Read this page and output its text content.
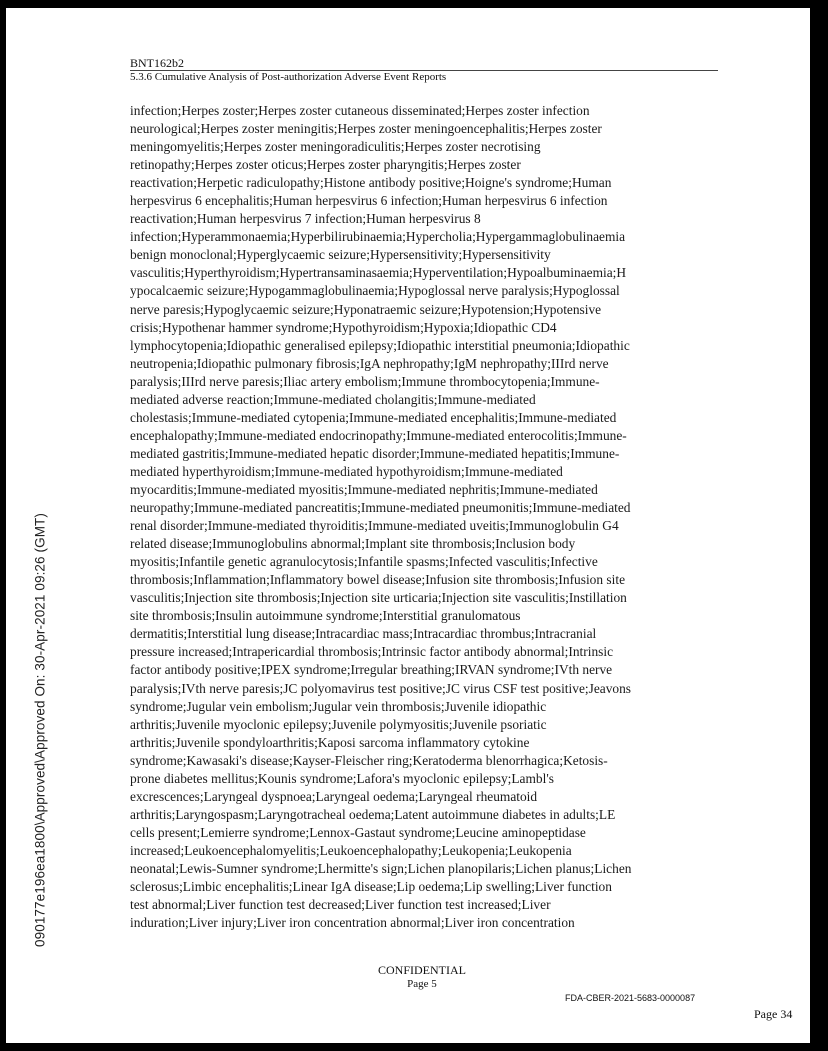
BNT162b2
5.3.6 Cumulative Analysis of Post-authorization Adverse Event Reports
infection;Herpes zoster;Herpes zoster cutaneous disseminated;Herpes zoster infection
neurological;Herpes zoster meningitis;Herpes zoster meningoencephalitis;Herpes zoster
meningomyelitis;Herpes zoster meningoradiculitis;Herpes zoster necrotising
retinopathy;Herpes zoster oticus;Herpes zoster pharyngitis;Herpes zoster
reactivation;Herpetic radiculopathy;Histone antibody positive;Hoigne's syndrome;Human
herpesvirus 6 encephalitis;Human herpesvirus 6 infection;Human herpesvirus 6 infection
reactivation;Human herpesvirus 7 infection;Human herpesvirus 8
infection;Hyperammonaemia;Hyperbilirubinaemia;Hypercholia;Hypergammaglobulinaemia
benign monoclonal;Hyperglycaemic seizure;Hypersensitivity;Hypersensitivity
vasculitis;Hyperthyroidism;Hypertransaminasaemia;Hyperventilation;Hypoalbuminaemia;H
ypocalcaemic seizure;Hypogammaglobulinaemia;Hypoglossal nerve paralysis;Hypoglossal
nerve paresis;Hypoglycaemic seizure;Hyponatraemic seizure;Hypotension;Hypotensive
crisis;Hypothenar hammer syndrome;Hypothyroidism;Hypoxia;Idiopathic CD4
lymphocytopenia;Idiopathic generalised epilepsy;Idiopathic interstitial pneumonia;Idiopathic
neutropenia;Idiopathic pulmonary fibrosis;IgA nephropathy;IgM nephropathy;IIIrd nerve
paralysis;IIIrd nerve paresis;Iliac artery embolism;Immune thrombocytopenia;Immune-
mediated adverse reaction;Immune-mediated cholangitis;Immune-mediated
cholestasis;Immune-mediated cytopenia;Immune-mediated encephalitis;Immune-mediated
encephalopathy;Immune-mediated endocrinopathy;Immune-mediated enterocolitis;Immune-
mediated gastritis;Immune-mediated hepatic disorder;Immune-mediated hepatitis;Immune-
mediated hyperthyroidism;Immune-mediated hypothyroidism;Immune-mediated
myocarditis;Immune-mediated myositis;Immune-mediated nephritis;Immune-mediated
neuropathy;Immune-mediated pancreatitis;Immune-mediated pneumonitis;Immune-mediated
renal disorder;Immune-mediated thyroiditis;Immune-mediated uveitis;Immunoglobulin G4
related disease;Immunoglobulins abnormal;Implant site thrombosis;Inclusion body
myositis;Infantile genetic agranulocytosis;Infantile spasms;Infected vasculitis;Infective
thrombosis;Inflammation;Inflammatory bowel disease;Infusion site thrombosis;Infusion site
vasculitis;Injection site thrombosis;Injection site urticaria;Injection site vasculitis;Instillation
site thrombosis;Insulin autoimmune syndrome;Interstitial granulomatous
dermatitis;Interstitial lung disease;Intracardiac mass;Intracardiac thrombus;Intracranial
pressure increased;Intrapericardial thrombosis;Intrinsic factor antibody abnormal;Intrinsic
factor antibody positive;IPEX syndrome;Irregular breathing;IRVAN syndrome;IVth nerve
paralysis;IVth nerve paresis;JC polyomavirus test positive;JC virus CSF test positive;Jeavons
syndrome;Jugular vein embolism;Jugular vein thrombosis;Juvenile idiopathic
arthritis;Juvenile myoclonic epilepsy;Juvenile polymyositis;Juvenile psoriatic
arthritis;Juvenile spondyloarthritis;Kaposi sarcoma inflammatory cytokine
syndrome;Kawasaki's disease;Kayser-Fleischer ring;Keratoderma blenorrhagica;Ketosis-
prone diabetes mellitus;Kounis syndrome;Lafora's myoclonic epilepsy;Lambl's
excrescences;Laryngeal dyspnoea;Laryngeal oedema;Laryngeal rheumatoid
arthritis;Laryngospasm;Laryngotracheal oedema;Latent autoimmune diabetes in adults;LE
cells present;Lemierre syndrome;Lennox-Gastaut syndrome;Leucine aminopeptidase
increased;Leukoencephalomyelitis;Leukoencephalopathy;Leukopenia;Leukopenia
neonatal;Lewis-Sumner syndrome;Lhermitte's sign;Lichen planopilaris;Lichen planus;Lichen
sclerosus;Limbic encephalitis;Linear IgA disease;Lip oedema;Lip swelling;Liver function
test abnormal;Liver function test decreased;Liver function test increased;Liver
induration;Liver injury;Liver iron concentration abnormal;Liver iron concentration
CONFIDENTIAL
Page 5
FDA-CBER-2021-5683-0000087
Page 34
090177e196ea1800\Approved\Approved On: 30-Apr-2021 09:26 (GMT)
